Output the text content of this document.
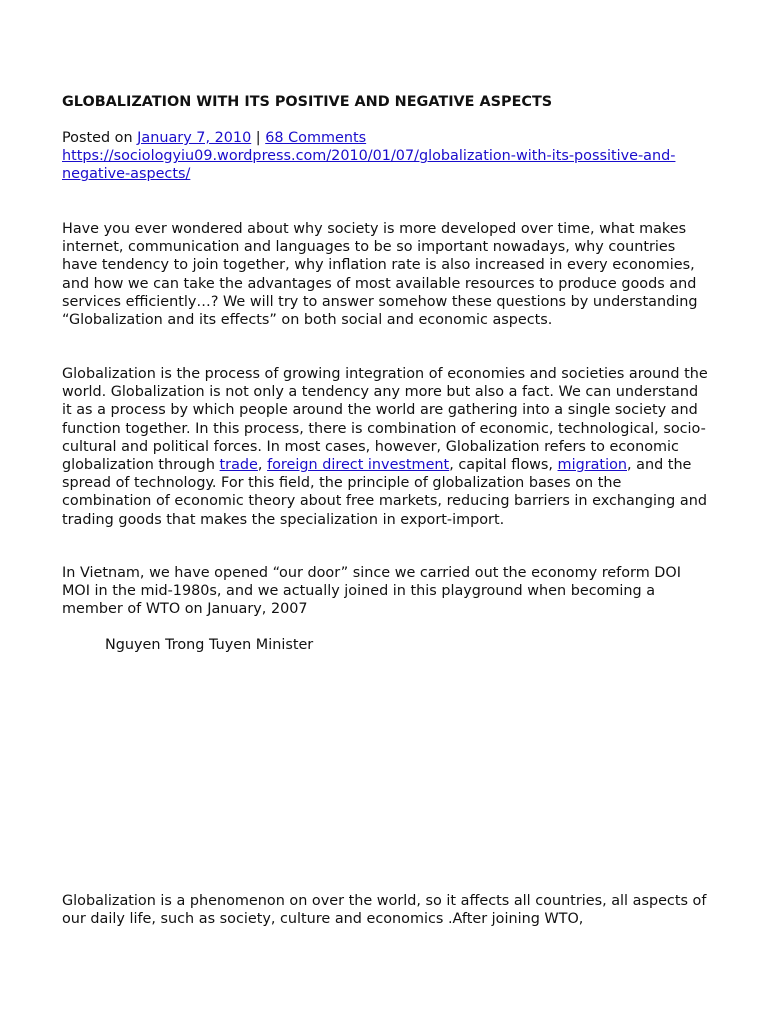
GLOBALIZATION WITH ITS POSITIVE AND NEGATIVE ASPECTS
Posted on January 7, 2010 | 68 Comments
https://sociologyiu09.wordpress.com/2010/01/07/globalization-with-its-possitive-and-negative-aspects/

Have you ever wondered about why society is more developed over time, what makes internet, communication and languages to be so important nowadays, why countries have tendency to join together, why inflation rate is also increased in every economies, and how we can take the advantages of most available resources to produce goods and services efficiently…? We will try to answer somehow these questions by understanding “Globalization and its effects” on both social and economic aspects.

Globalization is the process of growing integration of economies and societies around the world. Globalization is not only a tendency any more but also a fact. We can understand it as a process by which people around the world are gathering into a single society and function together. In this process, there is combination of economic, technological, socio-cultural and political forces. In most cases, however, Globalization refers to economic globalization through trade, foreign direct investment, capital flows, migration, and the spread of technology. For this field, the principle of globalization bases on the combination of economic theory about free markets, reducing barriers in exchanging and trading goods that makes the specialization in export-import.

In Vietnam, we have opened “our door” since we carried out the economy reform DOI MOI in the mid-1980s, and we actually joined in this playground when becoming a member of WTO on January, 2007

Nguyen Trong Tuyen Minister

Globalization is a phenomenon on over the world, so it affects all countries, all aspects of our daily life, such as society, culture and economics .After joining WTO,
